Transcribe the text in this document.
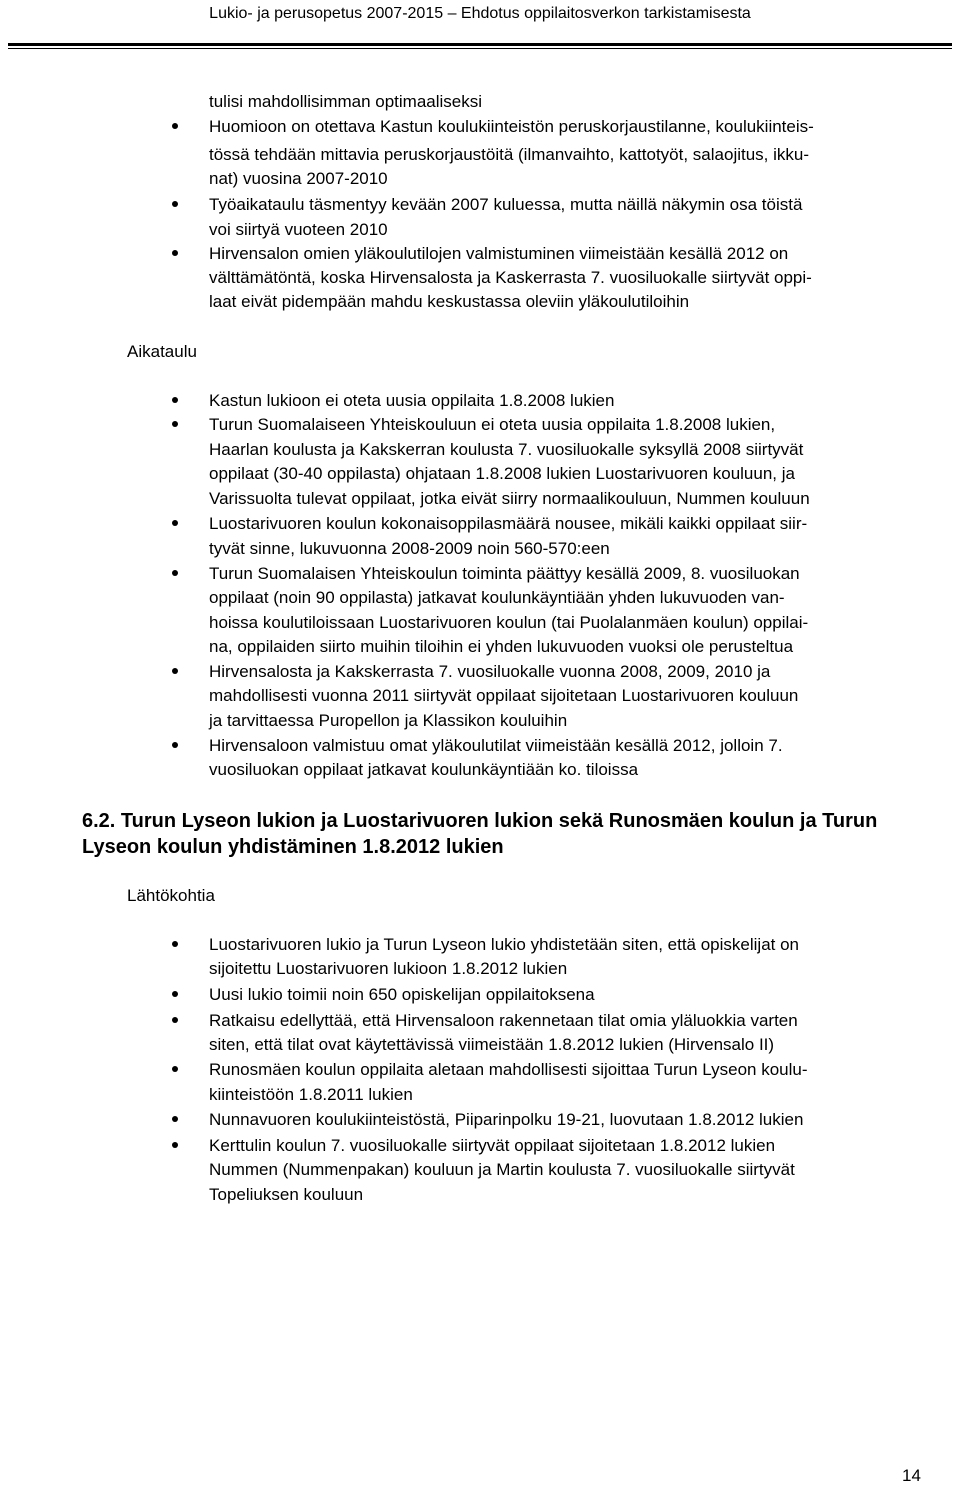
Lukio- ja perusopetus 2007-2015 – Ehdotus oppilaitosverkon tarkistamisesta
tulisi mahdollisimman optimaaliseksi
Huomioon on otettava Kastun koulukiinteistön peruskorjaustilanne, koulukiinteis-
tössä tehdään mittavia peruskorjaustöitä (ilmanvaihto, kattotyöt, salaojitus, ikku-
nat) vuosina 2007-2010
Työaikataulu täsmentyy kevään 2007 kuluessa, mutta näillä näkymin osa töistä
voi siirtyä vuoteen 2010
Hirvensalon omien yläkoulutilojen valmistuminen viimeistään kesällä 2012 on
välttämätöntä, koska Hirvensalosta ja Kaskerrasta 7. vuosiluokalle siirtyvät oppi-
laat eivät pidempään mahdu keskustassa oleviin yläkoulutiloihin
Aikataulu
Kastun lukioon ei oteta uusia oppilaita 1.8.2008 lukien
Turun Suomalaiseen Yhteiskouluun ei oteta uusia oppilaita 1.8.2008 lukien,
Haarlan koulusta ja Kakskerran koulusta 7. vuosiluokalle syksyllä 2008 siirtyvät
oppilaat (30-40 oppilasta) ohjataan 1.8.2008 lukien Luostarivuoren kouluun, ja
Varissuolta tulevat oppilaat, jotka eivät siirry normaalikouluun, Nummen kouluun
Luostarivuoren koulun kokonaisoppilasmäärä nousee, mikäli kaikki oppilaat siir-
tyvät sinne, lukuvuonna 2008-2009 noin 560-570:een
Turun Suomalaisen Yhteiskoulun toiminta päättyy kesällä 2009, 8. vuosiluokan
oppilaat (noin 90 oppilasta) jatkavat koulunkäyntiään yhden lukuvuoden van-
hoissa koulutiloissaan Luostarivuoren koulun (tai Puolalanmäen koulun) oppilai-
na, oppilaiden siirto muihin tiloihin ei yhden lukuvuoden vuoksi ole perusteltua
Hirvensalosta ja Kakskerrasta 7. vuosiluokalle vuonna 2008, 2009, 2010 ja
mahdollisesti vuonna 2011 siirtyvät oppilaat sijoitetaan Luostarivuoren kouluun
ja tarvittaessa Puropellon ja Klassikon kouluihin
Hirvensaloon valmistuu omat yläkoulutilat viimeistään kesällä 2012, jolloin 7.
vuosiluokan oppilaat jatkavat koulunkäyntiään ko. tiloissa
6.2. Turun Lyseon lukion ja Luostarivuoren lukion sekä Runosmäen koulun ja Turun
Lyseon koulun yhdistäminen 1.8.2012 lukien
Lähtökohtia
Luostarivuoren lukio ja Turun Lyseon lukio yhdistetään siten, että opiskelijat on
sijoitettu Luostarivuoren lukioon 1.8.2012 lukien
Uusi lukio toimii noin 650 opiskelijan oppilaitoksena
Ratkaisu edellyttää, että Hirvensaloon rakennetaan tilat omia yläluokkia varten
siten, että tilat ovat käytettävissä viimeistään 1.8.2012 lukien (Hirvensalo II)
Runosmäen koulun oppilaita aletaan mahdollisesti sijoittaa Turun Lyseon koulu-
kiinteistöön 1.8.2011 lukien
Nunnavuoren koulukiinteistöstä, Piiparinpolku 19-21, luovutaan 1.8.2012 lukien
Kerttulin koulun 7. vuosiluokalle siirtyvät oppilaat sijoitetaan 1.8.2012 lukien
Nummen (Nummenpakan) kouluun ja Martin koulusta 7. vuosiluokalle siirtyvät
Topeliuksen kouluun
14
